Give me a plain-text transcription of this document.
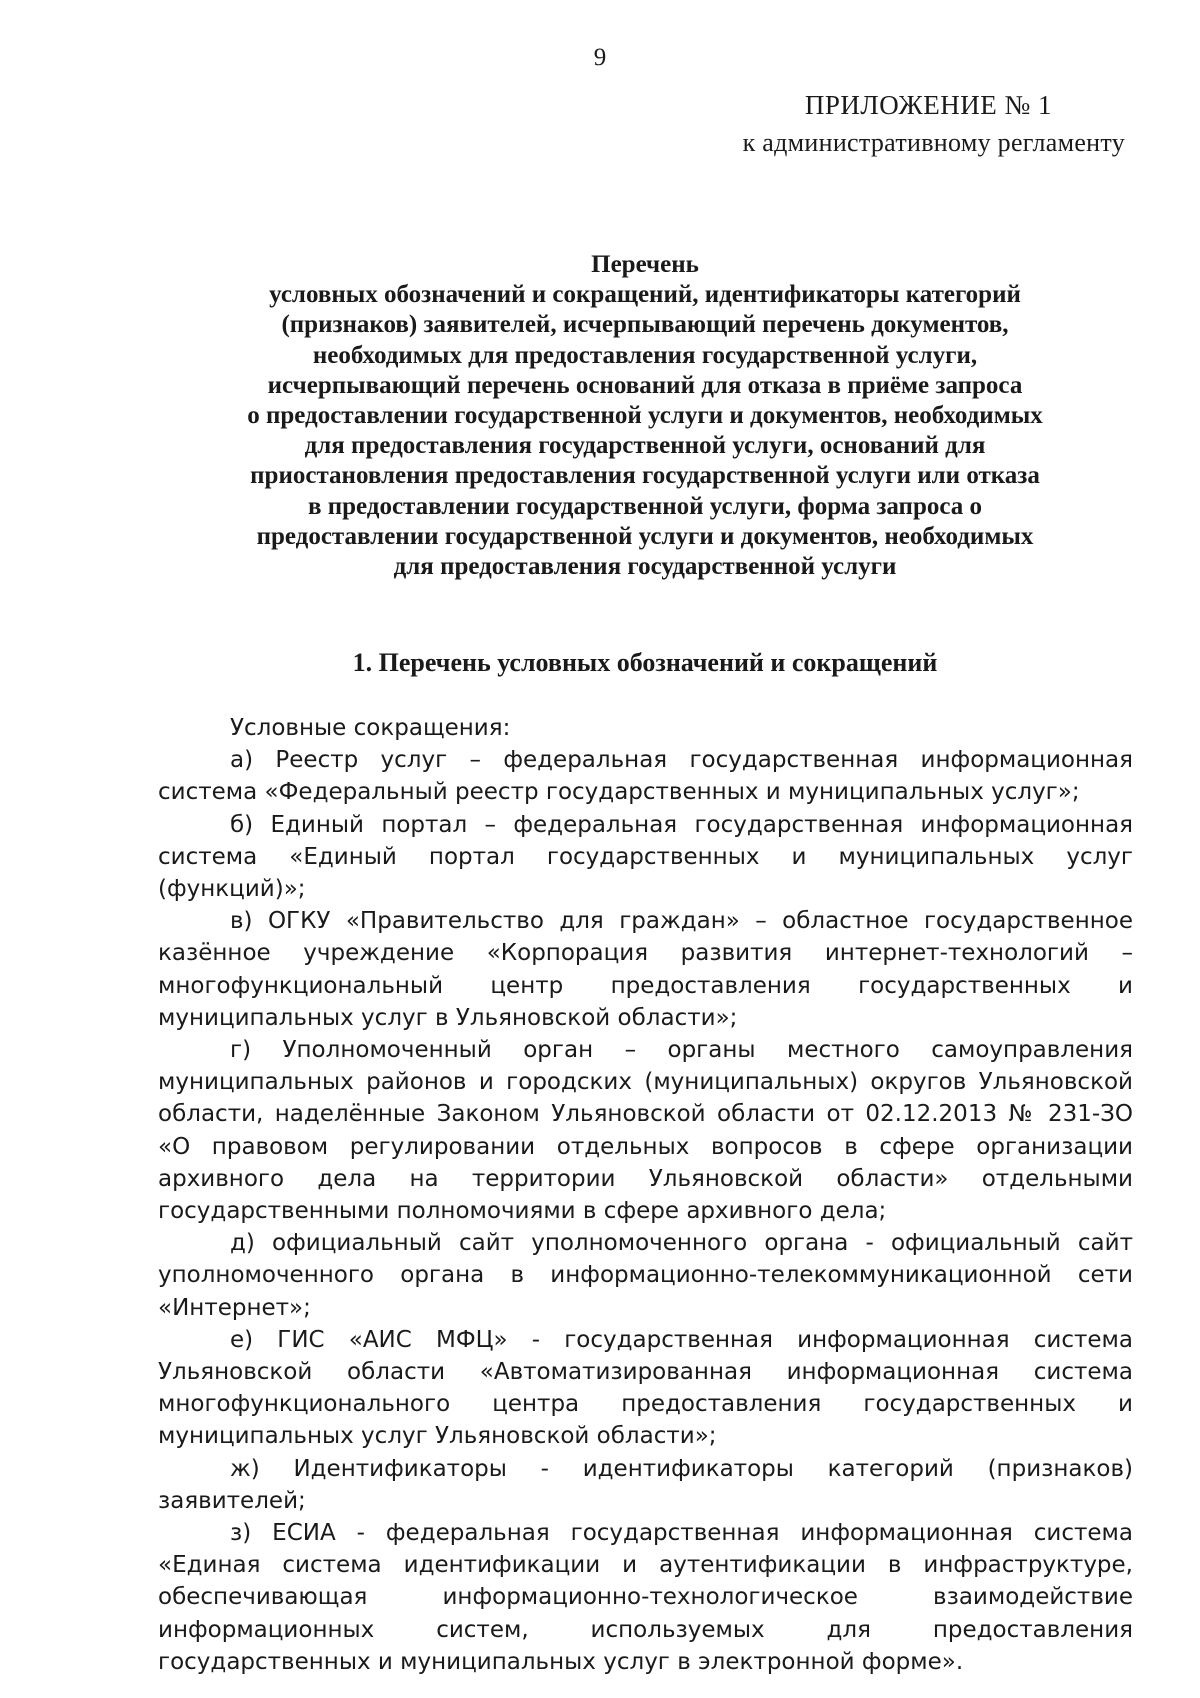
9
ПРИЛОЖЕНИЕ № 1
к административному регламенту
Перечень
условных обозначений и сокращений, идентификаторы категорий
(признаков) заявителей, исчерпывающий перечень документов,
необходимых для предоставления государственной услуги,
исчерпывающий перечень оснований для отказа в приёме запроса
о предоставлении государственной услуги и документов, необходимых
для предоставления государственной услуги, оснований для
приостановления предоставления государственной услуги или отказа
в предоставлении государственной услуги, форма запроса о
предоставлении государственной услуги и документов, необходимых
для предоставления государственной услуги
1. Перечень условных обозначений и сокращений

Условные сокращения:

а) Реестр услуг – федеральная государственная информационная система «Федеральный реестр государственных и муниципальных услуг»;

б) Единый портал – федеральная государственная информационная система «Единый портал государственных и муниципальных услуг (функций)»;

в) ОГКУ «Правительство для граждан» – областное государственное казённое учреждение «Корпорация развития интернет-технологий – многофункциональный центр предоставления государственных и муниципальных услуг в Ульяновской области»;

г) Уполномоченный орган – органы местного самоуправления муниципальных районов и городских (муниципальных) округов Ульяновской области, наделённые Законом Ульяновской области от 02.12.2013 № 231-ЗО «О правовом регулировании отдельных вопросов в сфере организации архивного дела на территории Ульяновской области» отдельными государственными полномочиями в сфере архивного дела;

д) официальный сайт уполномоченного органа - официальный сайт уполномоченного органа в информационно-телекоммуникационной сети «Интернет»;

е) ГИС «АИС МФЦ» - государственная информационная система Ульяновской области «Автоматизированная информационная система многофункционального центра предоставления государственных и муниципальных услуг Ульяновской области»;

ж) Идентификаторы - идентификаторы категорий (признаков) заявителей;

з) ЕСИА - федеральная государственная информационная система «Единая система идентификации и аутентификации в инфраструктуре, обеспечивающая информационно-технологическое взаимодействие информационных систем, используемых для предоставления государственных и муниципальных услуг в электронной форме».
